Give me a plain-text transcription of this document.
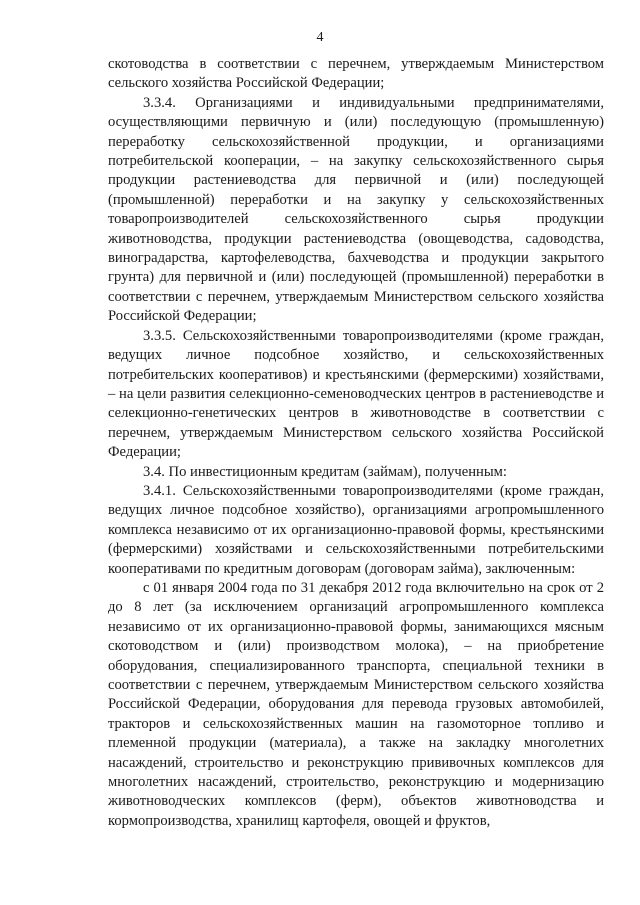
4

скотоводства в соответствии с перечнем, утверждаемым Министерством сельского хозяйства Российской Федерации;

3.3.4. Организациями и индивидуальными предпринимателями, осуществляющими первичную и (или) последующую (промышленную) переработку сельскохозяйственной продукции, и организациями потребительской кооперации, – на закупку сельскохозяйственного сырья продукции растениеводства для первичной и (или) последующей (промышленной) переработки и на закупку у сельскохозяйственных товаропроизводителей сельскохозяйственного сырья продукции животноводства, продукции растениеводства (овощеводства, садоводства, виноградарства, картофелеводства, бахчеводства и продукции закрытого грунта) для первичной и (или) последующей (промышленной) переработки в соответствии с перечнем, утверждаемым Министерством сельского хозяйства Российской Федерации;

3.3.5. Сельскохозяйственными товаропроизводителями (кроме граждан, ведущих личное подсобное хозяйство, и сельскохозяйственных потребительских кооперативов) и крестьянскими (фермерскими) хозяйствами, – на цели развития селекционно-семеноводческих центров в растениеводстве и селекционно-генетических центров в животноводстве в соответствии с перечнем, утверждаемым Министерством сельского хозяйства Российской Федерации;

3.4. По инвестиционным кредитам (займам), полученным:

3.4.1. Сельскохозяйственными товаропроизводителями (кроме граждан, ведущих личное подсобное хозяйство), организациями агропромышленного комплекса независимо от их организационно-правовой формы, крестьянскими (фермерскими) хозяйствами и сельскохозяйственными потребительскими кооперативами по кредитным договорам (договорам займа), заключенным:

с 01 января 2004 года по 31 декабря 2012 года включительно на срок от 2 до 8 лет (за исключением организаций агропромышленного комплекса независимо от их организационно-правовой формы, занимающихся мясным скотоводством и (или) производством молока), – на приобретение оборудования, специализированного транспорта, специальной техники в соответствии с перечнем, утверждаемым Министерством сельского хозяйства Российской Федерации, оборудования для перевода грузовых автомобилей, тракторов и сельскохозяйственных машин на газомоторное топливо и племенной продукции (материала), а также на закладку многолетних насаждений, строительство и реконструкцию прививочных комплексов для многолетних насаждений, строительство, реконструкцию и модернизацию животноводческих комплексов (ферм), объектов животноводства и кормопроизводства, хранилищ картофеля, овощей и фруктов,
